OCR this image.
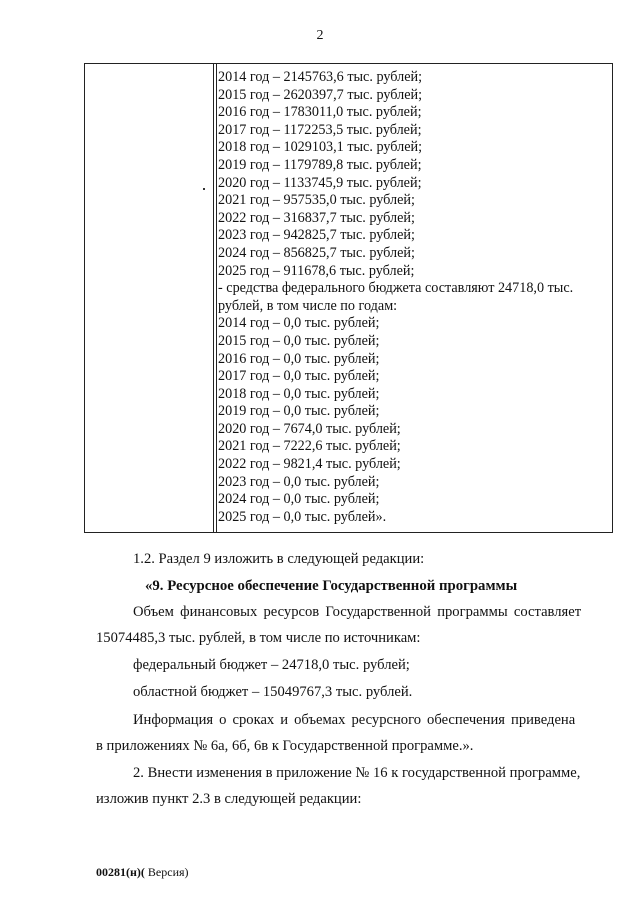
2
2014 год – 2145763,6 тыс. рублей;
2015 год – 2620397,7 тыс. рублей;
2016 год – 1783011,0 тыс. рублей;
2017 год – 1172253,5 тыс. рублей;
2018 год – 1029103,1 тыс. рублей;
2019 год – 1179789,8 тыс. рублей;
2020 год – 1133745,9 тыс. рублей;
2021 год – 957535,0 тыс. рублей;
2022 год – 316837,7 тыс. рублей;
2023 год – 942825,7 тыс. рублей;
2024 год – 856825,7 тыс. рублей;
2025 год – 911678,6 тыс. рублей;
- средства федерального бюджета составляют 24718,0 тыс.
рублей, в том числе по годам:
2014 год – 0,0 тыс. рублей;
2015 год – 0,0 тыс. рублей;
2016 год – 0,0 тыс. рублей;
2017 год – 0,0 тыс. рублей;
2018 год – 0,0 тыс. рублей;
2019 год – 0,0 тыс. рублей;
2020 год – 7674,0 тыс. рублей;
2021 год – 7222,6 тыс. рублей;
2022 год – 9821,4 тыс. рублей;
2023 год – 0,0 тыс. рублей;
2024 год – 0,0 тыс. рублей;
2025 год – 0,0 тыс. рублей».
1.2. Раздел 9 изложить в следующей редакции:
«9. Ресурсное обеспечение Государственной программы
Объем финансовых ресурсов Государственной программы составляет
15074485,3 тыс. рублей, в том числе по источникам:
федеральный бюджет – 24718,0 тыс. рублей;
областной бюджет – 15049767,3 тыс. рублей.
Информация о сроках и объемах ресурсного обеспечения приведена
в приложениях № 6а, 6б, 6в к Государственной программе.».
2. Внести изменения в приложение № 16 к государственной программе,
изложив пункт 2.3 в следующей редакции:
00281(н)( Версия)
